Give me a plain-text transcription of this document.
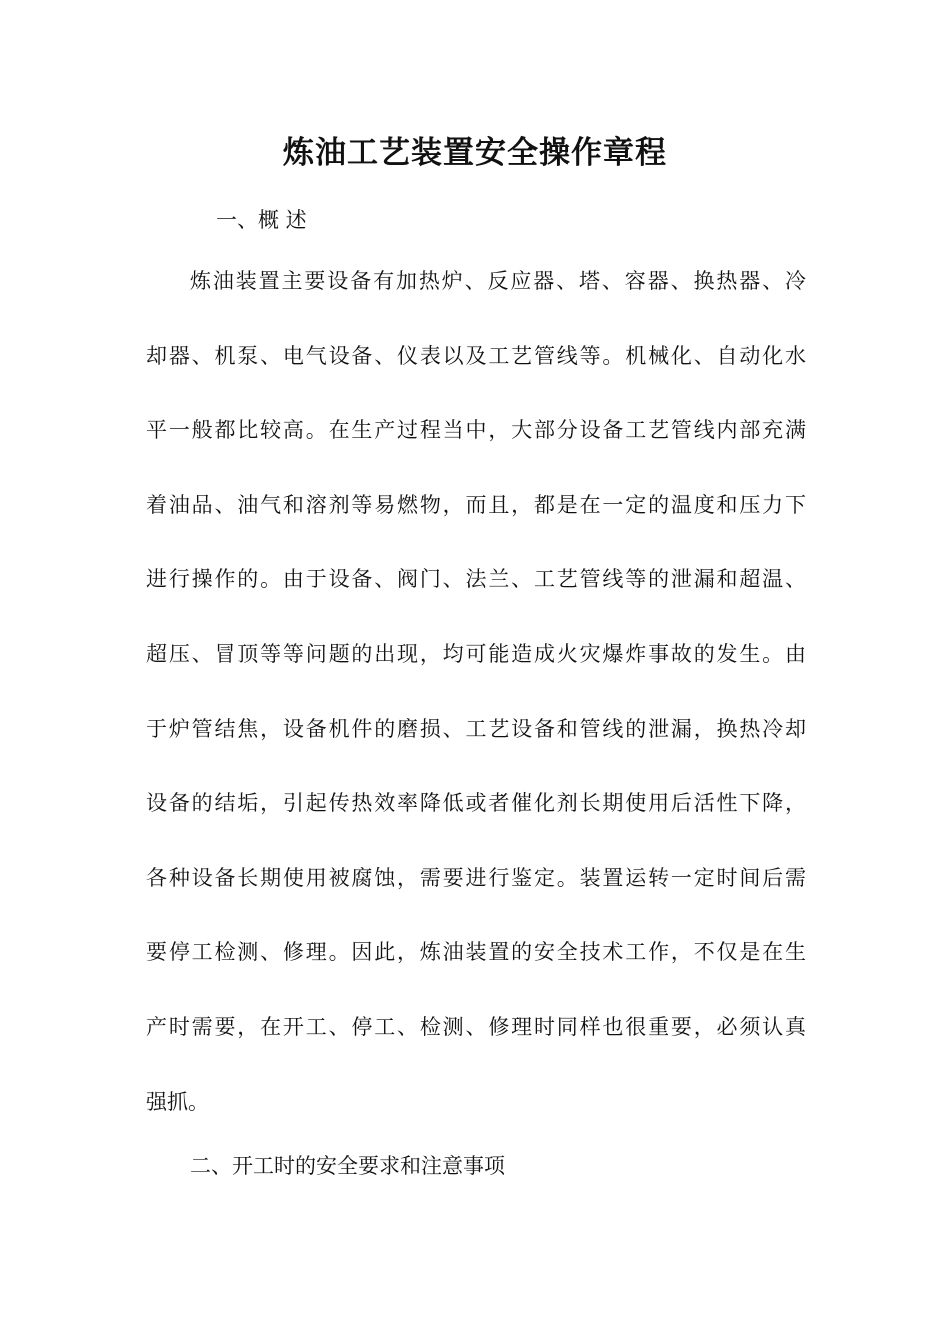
炼油工艺装置安全操作章程
一、概 述
炼油装置主要设备有加热炉、反应器、塔、容器、换热器、冷
却器、机泵、电气设备、仪表以及工艺管线等。机械化、自动化水
平一般都比较高。在生产过程当中，大部分设备工艺管线内部充满
着油品、油气和溶剂等易燃物，而且，都是在一定的温度和压力下
进行操作的。由于设备、阀门、法兰、工艺管线等的泄漏和超温、
超压、冒顶等等问题的出现，均可能造成火灾爆炸事故的发生。由
于炉管结焦，设备机件的磨损、工艺设备和管线的泄漏，换热冷却
设备的结垢，引起传热效率降低或者催化剂长期使用后活性下降，
各种设备长期使用被腐蚀，需要进行鉴定。装置运转一定时间后需
要停工检测、修理。因此，炼油装置的安全技术工作，不仅是在生
产时需要，在开工、停工、检测、修理时同样也很重要，必须认真
强抓。
二、开工时的安全要求和注意事项
